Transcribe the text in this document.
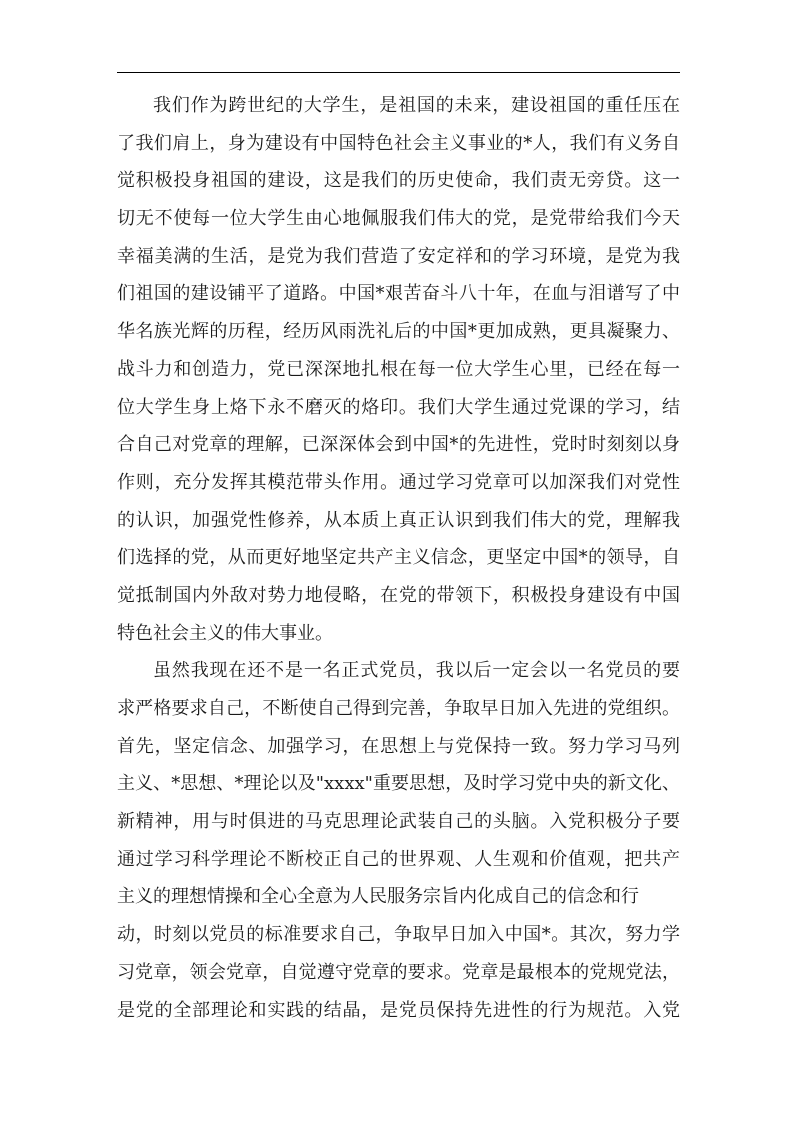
我们作为跨世纪的大学生，是祖国的未来，建设祖国的重任压在
了我们肩上，身为建设有中国特色社会主义事业的*人，我们有义务自
觉积极投身祖国的建设，这是我们的历史使命，我们责无旁贷。这一
切无不使每一位大学生由心地佩服我们伟大的党，是党带给我们今天
幸福美满的生活，是党为我们营造了安定祥和的学习环境，是党为我
们祖国的建设铺平了道路。中国*艰苦奋斗八十年，在血与泪谱写了中
华名族光辉的历程，经历风雨洗礼后的中国*更加成熟，更具凝聚力、
战斗力和创造力，党已深深地扎根在每一位大学生心里，已经在每一
位大学生身上烙下永不磨灭的烙印。我们大学生通过党课的学习，结
合自己对党章的理解，已深深体会到中国*的先进性，党时时刻刻以身
作则，充分发挥其模范带头作用。通过学习党章可以加深我们对党性
的认识，加强党性修养，从本质上真正认识到我们伟大的党，理解我
们选择的党，从而更好地坚定共产主义信念，更坚定中国*的领导，自
觉抵制国内外敌对势力地侵略，在党的带领下，积极投身建设有中国
特色社会主义的伟大事业。
虽然我现在还不是一名正式党员，我以后一定会以一名党员的要
求严格要求自己，不断使自己得到完善，争取早日加入先进的党组织。
首先，坚定信念、加强学习，在思想上与党保持一致。努力学习马列
主义、*思想、*理论以及"xxxx"重要思想，及时学习党中央的新文化、
新精神，用与时俱进的马克思理论武装自己的头脑。入党积极分子要
通过学习科学理论不断校正自己的世界观、人生观和价值观，把共产
主义的理想情操和全心全意为人民服务宗旨内化成自己的信念和行
动，时刻以党员的标准要求自己，争取早日加入中国*。其次，努力学
习党章，领会党章，自觉遵守党章的要求。党章是最根本的党规党法，
是党的全部理论和实践的结晶，是党员保持先进性的行为规范。入党
